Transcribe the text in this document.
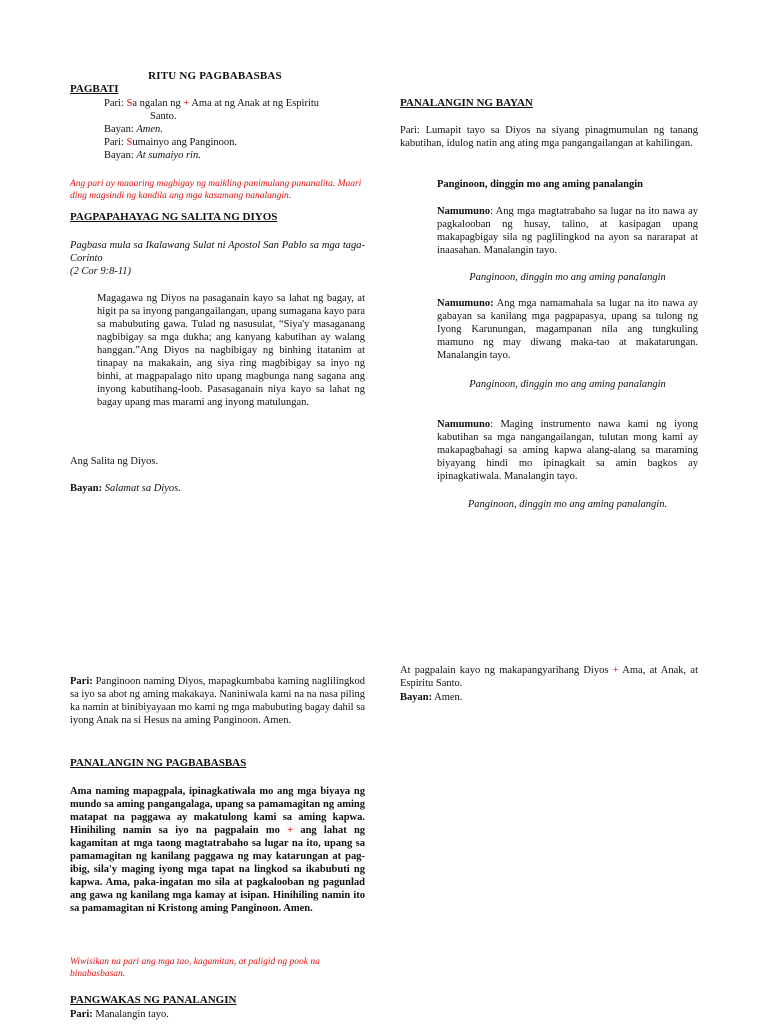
RITU NG PAGBABASBAS
PAGBATI
Pari: Sa ngalan ng + Ama at ng Anak at ng Espiritu
Santo.
Bayan: Amen.
Pari: Sumainyo ang Panginoon.
Bayan: At sumaiyo rin.
Ang pari ay maaaring magbigay ng maikling panimulang pananalita. Maari ding magsindi ng kandila ang mga kasamang nanalangin.
PAGPAPAHAYAG NG SALITA NG DIYOS
Pagbasa mula sa Ikalawang Sulat ni Apostol San Pablo sa mga taga-Corinto
(2 Cor 9:8-11)
Magagawa ng Diyos na pasaganain kayo sa lahat ng bagay, at higit pa sa inyong pangangailangan, upang sumagana kayo para sa mabubuting gawa. Tulad ng nasusulat, “Siya'y masaganang nagbibigay sa mga dukha; ang kanyang kabutihan ay walang hanggan.”Ang Diyos na nagbibigay ng binhing itatanim at tinapay na makakain, ang siya ring magbibigay sa inyo ng binhi, at magpapalago nito upang magbunga nang sagana ang inyong kabutihang-loob. Pasasaganain niya kayo sa lahat ng bagay upang mas marami ang inyong matulungan.
Ang Salita ng Diyos.
Bayan: Salamat sa Diyos.
PANALANGIN NG BAYAN
Pari: Lumapit tayo sa Diyos na siyang pinagmumulan ng tanang kabutihan, idulog natin ang ating mga pangangailangan at kahilingan.
Panginoon, dinggin mo ang aming panalangin
Namumuno: Ang mga magtatrabaho sa lugar na ito nawa ay pagkalooban ng husay, talino, at kasipagan upang makapagbigay sila ng paglilingkod na ayon sa nararapat at inaasahan. Manalangin tayo.
Panginoon, dinggin mo ang aming panalangin
Namumuno: Ang mga namamahala sa lugar na ito nawa ay gabayan sa kanilang mga pagpapasya, upang sa tulong ng Iyong Karunungan, magampanan nila ang tungkuling mamuno ng may diwang maka-tao at makatarungan. Manalangin tayo.
Panginoon, dinggin mo ang aming panalangin
Namumuno: Maging instrumento nawa kami ng iyong kabutihan sa mga nangangailangan, tulutan mong kami ay makapagbahagi sa aming kapwa alang-alang sa maraming biyayang hindi mo ipinagkait sa amin bagkos ay ipinagkatiwala. Manalangin tayo.
Panginoon, dinggin mo ang aming panalangin.
Pari: Panginoon naming Diyos, mapagkumbaba kaming naglilingkod sa iyo sa abot ng aming makakaya. Naniniwala kami na na nasa piling ka namin at binibiyayaan mo kami ng mga mabubuting bagay dahil sa iyong Anak na si Hesus na aming Panginoon. Amen.
PANALANGIN NG PAGBABASBAS
Ama naming mapagpala, ipinagkatiwala mo ang mga biyaya ng mundo sa aming pangangalaga, upang sa pamamagitan ng aming matapat na paggawa ay makatulong kami sa aming kapwa. Hinihiling namin sa iyo na pagpalain mo + ang lahat ng kagamitan at mga taong magtatrabaho sa lugar na ito, upang sa pamamagitan ng kanilang paggawa ng may katarungan at pag-ibig, sila'y maging iyong mga tapat na lingkod sa ikabubuti ng kapwa. Ama, paka-ingatan mo sila at pagkalooban ng pagunlad ang gawa ng kanilang mga kamay at isipan. Hinihiling namin ito sa pamamagitan ni Kristong aming Panginoon. Amen.
Wiwisikan na pari ang mga tao, kagamitan, at paligid ng pook na binabasbasan.
PANGWAKAS NG PANALANGIN
Pari: Manalangin tayo.
At pagpalain kayo ng makapangyarihang Diyos + Ama, at Anak, at Espiritu Santo.
Bayan: Amen.
